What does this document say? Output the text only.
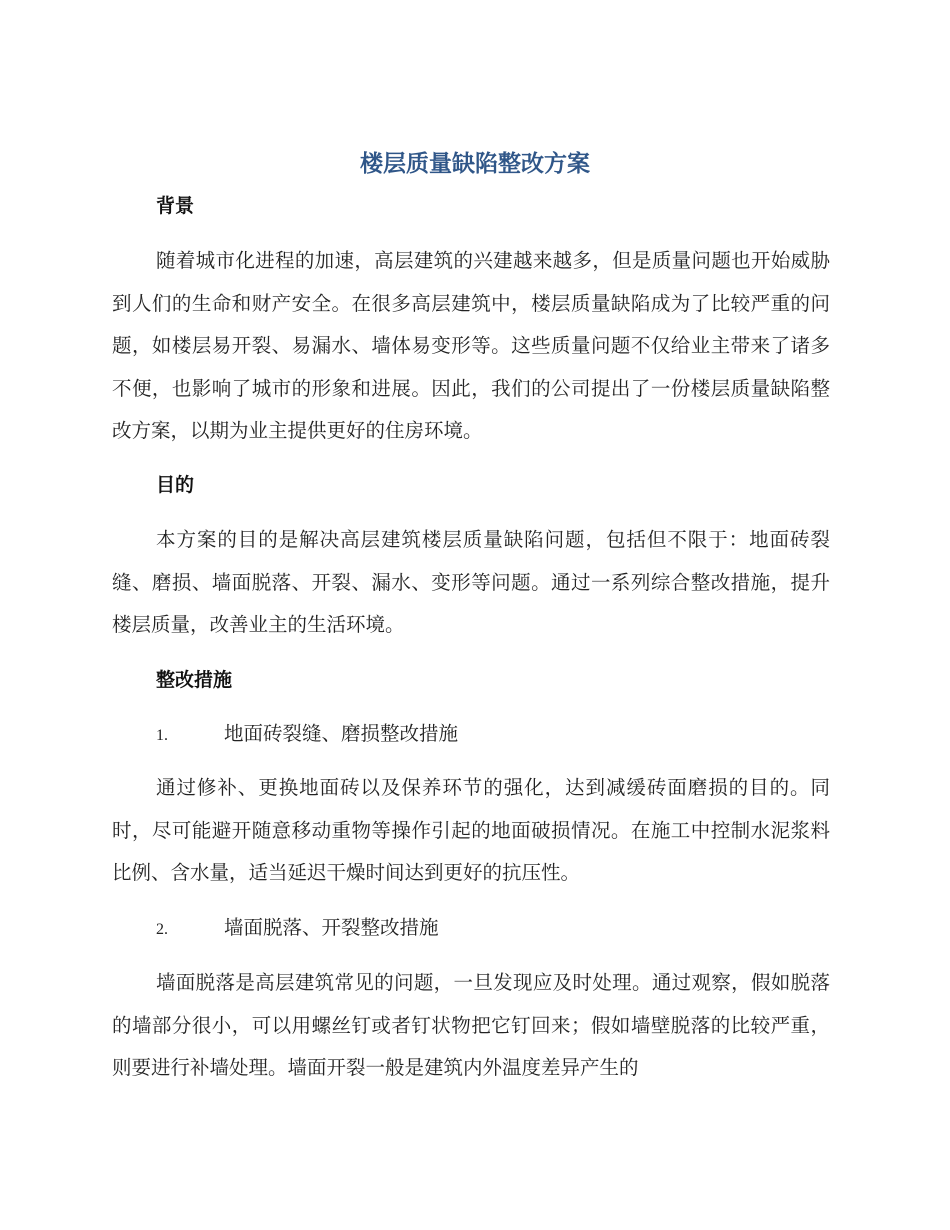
楼层质量缺陷整改方案
背景

随着城市化进程的加速，高层建筑的兴建越来越多，但是质量问题也开始威胁到人们的生命和财产安全。在很多高层建筑中，楼层质量缺陷成为了比较严重的问题，如楼层易开裂、易漏水、墙体易变形等。这些质量问题不仅给业主带来了诸多不便，也影响了城市的形象和进展。因此，我们的公司提出了一份楼层质量缺陷整改方案，以期为业主提供更好的住房环境。

目的

本方案的目的是解决高层建筑楼层质量缺陷问题，包括但不限于：地面砖裂缝、磨损、墙面脱落、开裂、漏水、变形等问题。通过一系列综合整改措施，提升楼层质量，改善业主的生活环境。

整改措施
1.	地面砖裂缝、磨损整改措施

通过修补、更换地面砖以及保养环节的强化，达到减缓砖面磨损的目的。同时，尽可能避开随意移动重物等操作引起的地面破损情况。在施工中控制水泥浆料比例、含水量，适当延迟干燥时间达到更好的抗压性。

2.	墙面脱落、开裂整改措施

墙面脱落是高层建筑常见的问题，一旦发现应及时处理。通过观察，假如脱落的墙部分很小，可以用螺丝钉或者钉状物把它钉回来；假如墙壁脱落的比较严重，则要进行补墙处理。墙面开裂一般是建筑内外温度差异产生的
